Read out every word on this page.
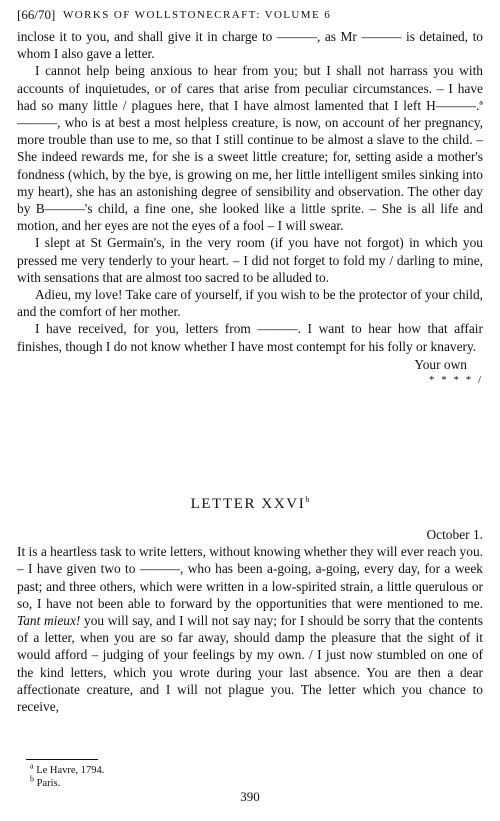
[66/70] WORKS OF WOLLSTONECRAFT: VOLUME 6

inclose it to you, and shall give it in charge to ———, as Mr ——— is detained, to whom I also gave a letter.

I cannot help being anxious to hear from you; but I shall not harrass you with accounts of inquietudes, or of cares that arise from peculiar circumstances. – I have had so many little / plagues here, that I have almost lamented that I left H———.ª ———, who is at best a most helpless creature, is now, on account of her pregnancy, more trouble than use to me, so that I still continue to be almost a slave to the child. – She indeed rewards me, for she is a sweet little creature; for, setting aside a mother's fondness (which, by the bye, is growing on me, her little intelligent smiles sinking into my heart), she has an astonishing degree of sensibility and observation. The other day by B———'s child, a fine one, she looked like a little sprite. – She is all life and motion, and her eyes are not the eyes of a fool – I will swear.

I slept at St Germain's, in the very room (if you have not forgot) in which you pressed me very tenderly to your heart. – I did not forget to fold my / darling to mine, with sensations that are almost too sacred to be alluded to.

Adieu, my love! Take care of yourself, if you wish to be the protector of your child, and the comfort of her mother.

I have received, for you, letters from ———. I want to hear how that affair finishes, though I do not know whether I have most contempt for his folly or knavery.

Your own
* * * * /
LETTER XXVI$^b$

October 1.

It is a heartless task to write letters, without knowing whether they will ever reach you. – I have given two to ———, who has been a-going, a-going, every day, for a week past; and three others, which were written in a low-spirited strain, a little querulous or so, I have not been able to forward by the opportunities that were mentioned to me. Tant mieux! you will say, and I will not say nay; for I should be sorry that the contents of a letter, when you are so far away, should damp the pleasure that the sight of it would afford – judging of your feelings by my own. / I just now stumbled on one of the kind letters, which you wrote during your last absence. You are then a dear affectionate creature, and I will not plague you. The letter which you chance to receive,

$^a$ Le Havre, 1794.
$^b$ Paris.
390
